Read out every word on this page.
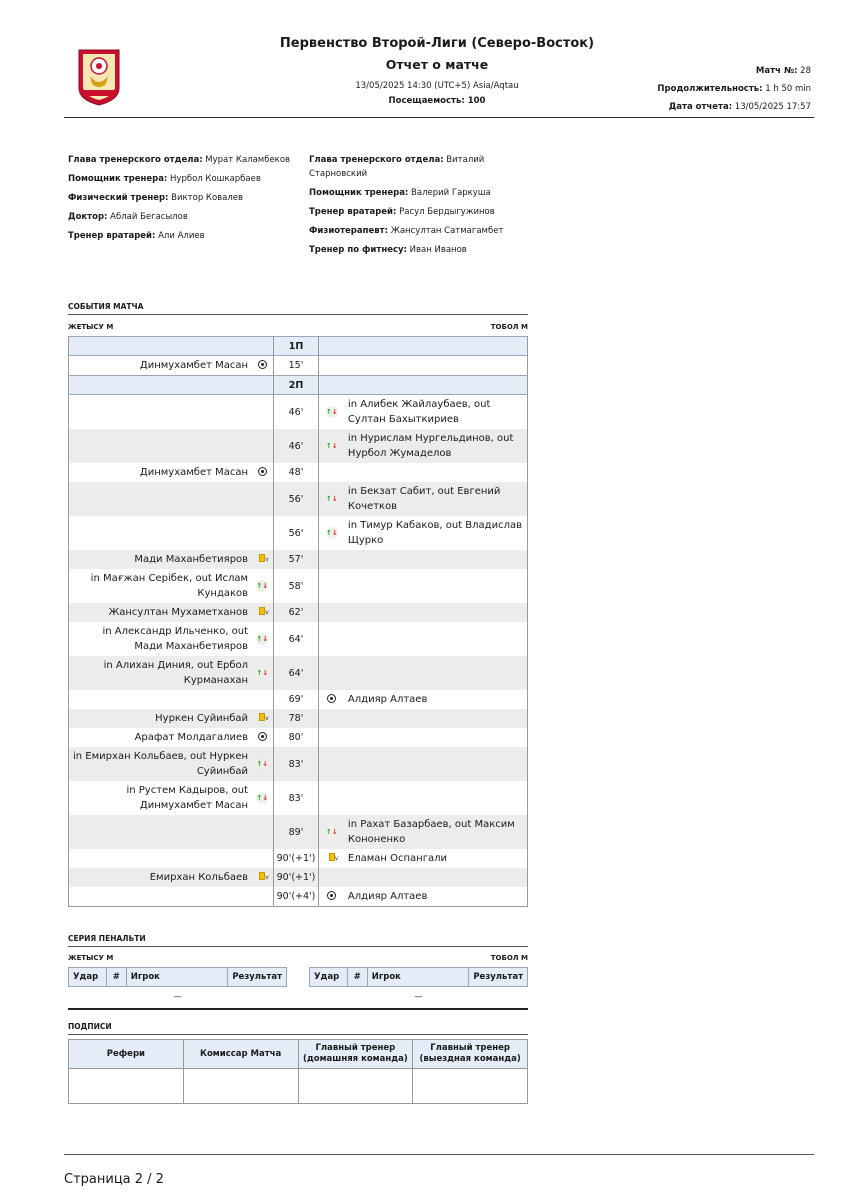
Первенство Второй-Лиги (Северо-Восток)
Отчет о матче
13/05/2025 14:30 (UTC+5) Asia/Aqtau
Посещаемость: 100
Матч №: 28
Продолжительность: 1 h 50 min
Дата отчета: 13/05/2025 17:57
Глава тренерского отдела: Мурат Каламбеков
Помощник тренера: Нурбол Кошкарбаев
Физический тренер: Виктор Ковалев
Доктор: Аблай Бегасылов
Тренер вратарей: Али Алиев
Глава тренерского отдела: Виталий Старновский
Помощник тренера: Валерий Гаркуша
Тренер вратарей: Расул Бердыгужинов
Физиотерапевт: Жансултан Сатмагамбет
Тренер по фитнесу: Иван Иванов
СОБЫТИЯ МАТЧА
ЖЕТЫСУ М	ТОБОЛ М
		1П		
Динмухамбет Масан		15'		
		2П		
		46'	↑↓	in Алибек Жайлаубаев, out Султан Бахыткириев
		46'	↑↓	in Нурислам Нургельдинов, out Нурбол Жумаделов
Динмухамбет Масан		48'		
		56'	↑↓	in Бекзат Сабит, out Евгений Кочетков
		56'	↑↓	in Тимур Кабаков, out Владислав Щурко
Мади Маханбетияров	v	57'		
in Мағжан Серібек, out Ислам Кундаков	↑↓	58'		
Жансултан Мухаметханов	v	62'		
in Александр Ильченко, out Мади Маханбетияров	↑↓	64'		
in Алихан Диния, out Ербол Курманахан	↑↓	64'		
		69'		Алдияр Алтаев
Нуркен Суйинбай	v	78'		
Арафат Молдагалиев		80'		
in Емирхан Кольбаев, out Нуркен Суйинбай	↑↓	83'		
in Рустем Кадыров, out Динмухамбет Масан	↑↓	83'		
		89'	↑↓	in Рахат Базарбаев, out Максим Кононенко
		90'(+1')	v	Еламан Оспангали
Емирхан Кольбаев	v	90'(+1')		
		90'(+4')		Алдияр Алтаев
СЕРИЯ ПЕНАЛЬТИ
ЖЕТЫСУ М	ТОБОЛ М
Удар	#	Игрок	Результат
—
Удар	#	Игрок	Результат
—
ПОДПИСИ
Рефери	Комиссар Матча	Главный тренер (домашняя команда)	Главный тренер (выездная команда)

Страница 2 / 2
